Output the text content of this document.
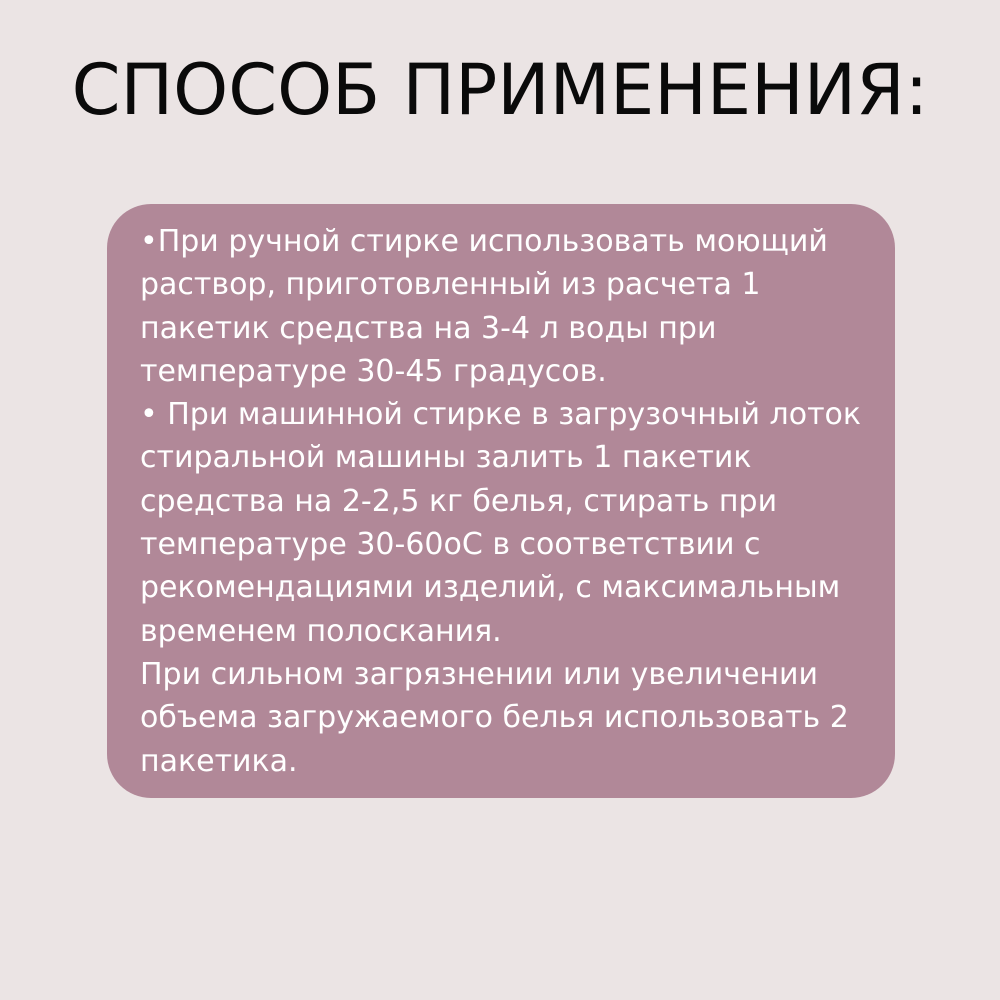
СПОСОБ ПРИМЕНЕНИЯ:
•При ручной стирке использовать моющий
раствор, приготовленный из расчета 1
пакетик средства на 3-4 л воды при
температуре 30-45 градусов.
• При машинной стирке в загрузочный лоток
стиральной машины залить 1 пакетик
средства на 2-2,5 кг белья, стирать при
температуре 30-60оС в соответствии с
рекомендациями изделий, с максимальным
временем полоскания.
При сильном загрязнении или увеличении
объема загружаемого белья использовать 2
пакетика.
